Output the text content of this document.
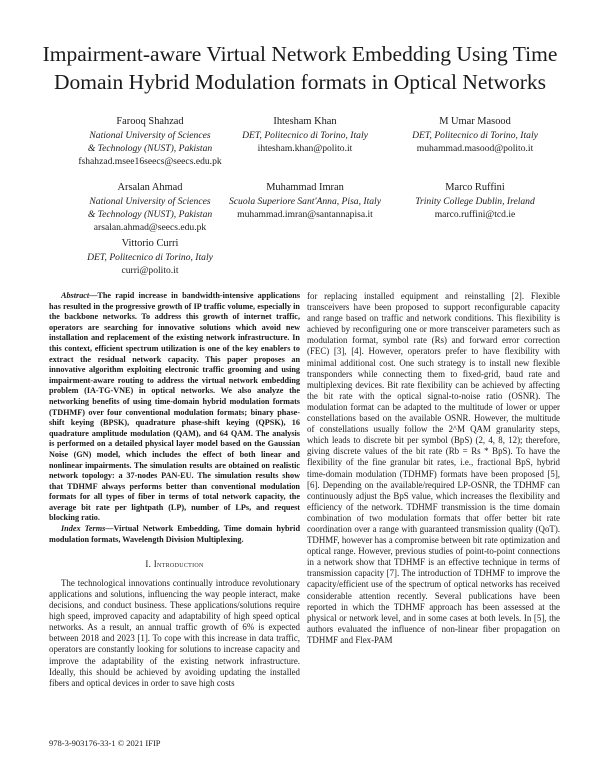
Impairment-aware Virtual Network Embedding Using Time
Domain Hybrid Modulation formats in Optical Networks
Farooq Shahzad
National University of Sciences
& Technology (NUST), Pakistan
fshahzad.msee16seecs@seecs.edu.pk
Ihtesham Khan
DET, Politecnico di Torino, Italy
ihtesham.khan@polito.it
M Umar Masood
DET, Politecnico di Torino, Italy
muhammad.masood@polito.it
Arsalan Ahmad
National University of Sciences
& Technology (NUST), Pakistan
arsalan.ahmad@seecs.edu.pk
Muhammad Imran
Scuola Superiore Sant'Anna, Pisa, Italy
muhammad.imran@santannapisa.it
Marco Ruffini
Trinity College Dublin, Ireland
marco.ruffini@tcd.ie
Vittorio Curri
DET, Politecnico di Torino, Italy
curri@polito.it

Abstract—The rapid increase in bandwidth-intensive applications has resulted in the progressive growth of IP traffic volume, especially in the backbone networks. To address this growth of internet traffic, operators are searching for innovative solutions which avoid new installation and replacement of the existing network infrastructure. In this context, efficient spectrum utilization is one of the key enablers to extract the residual network capacity. This paper proposes an innovative algorithm exploiting electronic traffic grooming and using impairment-aware routing to address the virtual network embedding problem (IA-TG-VNE) in optical networks. We also analyze the networking benefits of using time-domain hybrid modulation formats (TDHMF) over four conventional modulation formats; binary phase-shift keying (BPSK), quadrature phase-shift keying (QPSK), 16 quadrature amplitude modulation (QAM), and 64 QAM. The analysis is performed on a detailed physical layer model based on the Gaussian Noise (GN) model, which includes the effect of both linear and nonlinear impairments. The simulation results are obtained on realistic network topology: a 37-nodes PAN-EU. The simulation results show that TDHMF always performs better than conventional modulation formats for all types of fiber in terms of total network capacity, the average bit rate per lightpath (LP), number of LPs, and request blocking ratio.

Index Terms—Virtual Network Embedding, Time domain hybrid modulation formats, Wavelength Division Multiplexing.

I. Introduction

The technological innovations continually introduce revolutionary applications and solutions, influencing the way people interact, make decisions, and conduct business. These applications/solutions require high speed, improved capacity and adaptability of high speed optical networks. As a result, an annual traffic growth of 6% is expected between 2018 and 2023 [1]. To cope with this increase in data traffic, operators are constantly looking for solutions to increase capacity and improve the adaptability of the existing network infrastructure. Ideally, this should be achieved by avoiding updating the installed fibers and optical devices in order to save high costs

for replacing installed equipment and reinstalling [2]. Flexible transceivers have been proposed to support reconfigurable capacity and range based on traffic and network conditions. This flexibility is achieved by reconfiguring one or more transceiver parameters such as modulation format, symbol rate (Rs) and forward error correction (FEC) [3], [4]. However, operators prefer to have flexibility with minimal additional cost. One such strategy is to install new flexible transponders while connecting them to fixed-grid, baud rate and multiplexing devices. Bit rate flexibility can be achieved by affecting the bit rate with the optical signal-to-noise ratio (OSNR). The modulation format can be adapted to the multitude of lower or upper constellations based on the available OSNR. However, the multitude of constellations usually follow the 2^M QAM granularity steps, which leads to discrete bit per symbol (BpS) (2, 4, 8, 12); therefore, giving discrete values of the bit rate (Rb = Rs * BpS). To have the flexibility of the fine granular bit rates, i.e., fractional BpS, hybrid time-domain modulation (TDHMF) formats have been proposed [5], [6]. Depending on the available/required LP-OSNR, the TDHMF can continuously adjust the BpS value, which increases the flexibility and efficiency of the network. TDHMF transmission is the time domain combination of two modulation formats that offer better bit rate coordination over a range with guaranteed transmission quality (QoT). TDHMF, however has a compromise between bit rate optimization and optical range. However, previous studies of point-to-point connections in a network show that TDHMF is an effective technique in terms of transmission capacity [7]. The introduction of TDHMF to improve the capacity/efficient use of the spectrum of optical networks has received considerable attention recently. Several publications have been reported in which the TDHMF approach has been assessed at the physical or network level, and in some cases at both levels. In [5], the authors evaluated the influence of non-linear fiber propagation on TDHMF and Flex-PAM

978-3-903176-33-1 © 2021 IFIP
